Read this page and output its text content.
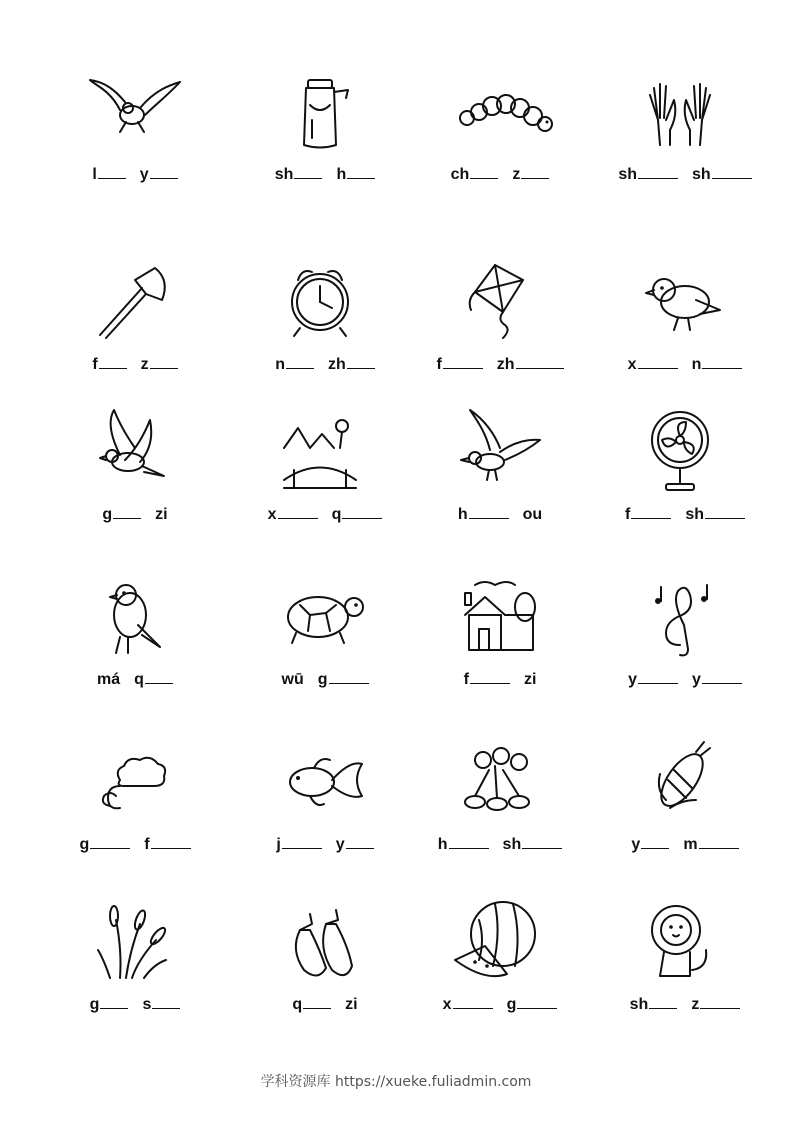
l	y	sh	h	ch	z	sh	sh
f	z	n	zh	f	zh	x	n
g	zi	x	q	h	ou	f	sh
má q	wū g	f	zi	y	y
g	f	j	y	h	sh	y	m
g	s	q	zi	x	g	sh	z
学科资源库 https://xueke.fuliadmin.com
